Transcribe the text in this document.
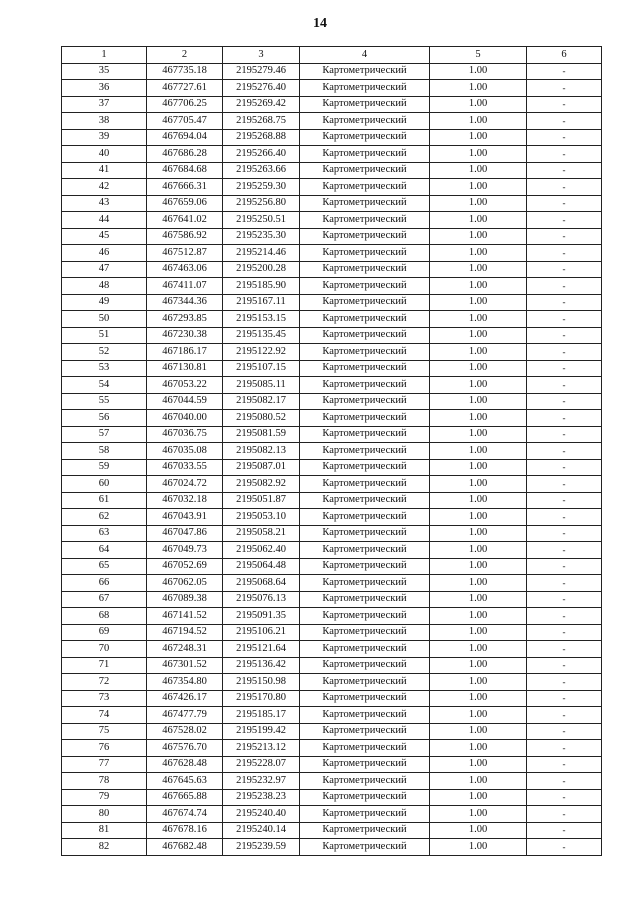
14
1	2	3	4	5	6
35	467735.18	2195279.46	Картометрический	1.00	-
36	467727.61	2195276.40	Картометрический	1.00	-
37	467706.25	2195269.42	Картометрический	1.00	-
38	467705.47	2195268.75	Картометрический	1.00	-
39	467694.04	2195268.88	Картометрический	1.00	-
40	467686.28	2195266.40	Картометрический	1.00	-
41	467684.68	2195263.66	Картометрический	1.00	-
42	467666.31	2195259.30	Картометрический	1.00	-
43	467659.06	2195256.80	Картометрический	1.00	-
44	467641.02	2195250.51	Картометрический	1.00	-
45	467586.92	2195235.30	Картометрический	1.00	-
46	467512.87	2195214.46	Картометрический	1.00	-
47	467463.06	2195200.28	Картометрический	1.00	-
48	467411.07	2195185.90	Картометрический	1.00	-
49	467344.36	2195167.11	Картометрический	1.00	-
50	467293.85	2195153.15	Картометрический	1.00	-
51	467230.38	2195135.45	Картометрический	1.00	-
52	467186.17	2195122.92	Картометрический	1.00	-
53	467130.81	2195107.15	Картометрический	1.00	-
54	467053.22	2195085.11	Картометрический	1.00	-
55	467044.59	2195082.17	Картометрический	1.00	-
56	467040.00	2195080.52	Картометрический	1.00	-
57	467036.75	2195081.59	Картометрический	1.00	-
58	467035.08	2195082.13	Картометрический	1.00	-
59	467033.55	2195087.01	Картометрический	1.00	-
60	467024.72	2195082.92	Картометрический	1.00	-
61	467032.18	2195051.87	Картометрический	1.00	-
62	467043.91	2195053.10	Картометрический	1.00	-
63	467047.86	2195058.21	Картометрический	1.00	-
64	467049.73	2195062.40	Картометрический	1.00	-
65	467052.69	2195064.48	Картометрический	1.00	-
66	467062.05	2195068.64	Картометрический	1.00	-
67	467089.38	2195076.13	Картометрический	1.00	-
68	467141.52	2195091.35	Картометрический	1.00	-
69	467194.52	2195106.21	Картометрический	1.00	-
70	467248.31	2195121.64	Картометрический	1.00	-
71	467301.52	2195136.42	Картометрический	1.00	-
72	467354.80	2195150.98	Картометрический	1.00	-
73	467426.17	2195170.80	Картометрический	1.00	-
74	467477.79	2195185.17	Картометрический	1.00	-
75	467528.02	2195199.42	Картометрический	1.00	-
76	467576.70	2195213.12	Картометрический	1.00	-
77	467628.48	2195228.07	Картометрический	1.00	-
78	467645.63	2195232.97	Картометрический	1.00	-
79	467665.88	2195238.23	Картометрический	1.00	-
80	467674.74	2195240.40	Картометрический	1.00	-
81	467678.16	2195240.14	Картометрический	1.00	-
82	467682.48	2195239.59	Картометрический	1.00	-
